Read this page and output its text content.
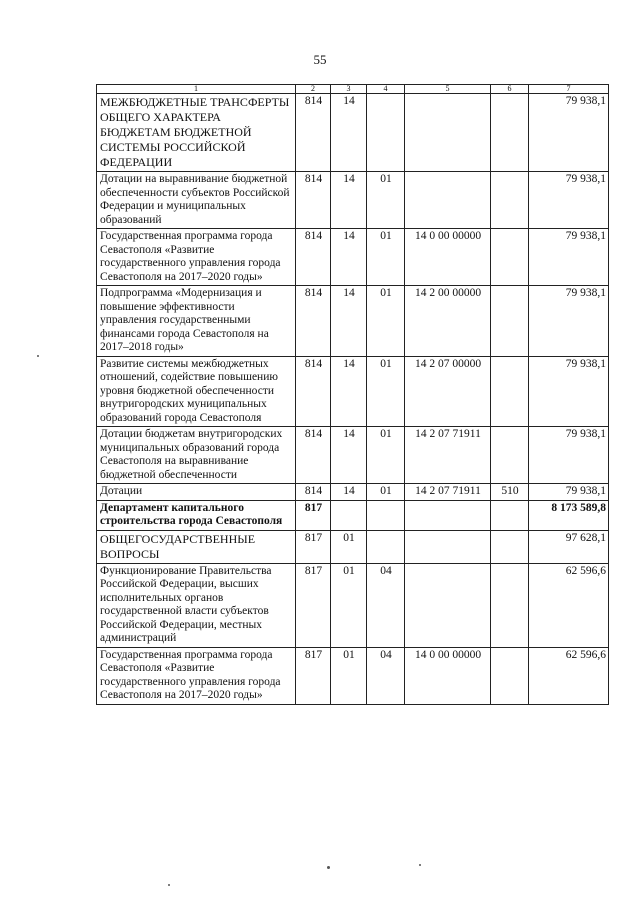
55
1	2	3	4	5	6	7
МЕЖБЮДЖЕТНЫЕ ТРАНСФЕРТЫ ОБЩЕГО ХАРАКТЕРА БЮДЖЕТАМ БЮДЖЕТНОЙ СИСТЕМЫ РОССИЙСКОЙ ФЕДЕРАЦИИ	814	14				79 938,1
Дотации на выравнивание бюджетной обеспеченности субъектов Российской Федерации и муниципальных образований	814	14	01			79 938,1
Государственная программа города Севастополя «Развитие государственного управления города Севастополя на 2017–2020 годы»	814	14	01	14 0 00 00000		79 938,1
Подпрограмма «Модернизация и повышение эффективности управления государственными финансами города Севастополя на 2017–2018 годы»	814	14	01	14 2 00 00000		79 938,1
Развитие системы межбюджетных отношений, содействие повышению уровня бюджетной обеспеченности внутригородских муниципальных образований города Севастополя	814	14	01	14 2 07 00000		79 938,1
Дотации бюджетам внутригородских муниципальных образований города Севастополя на выравнивание бюджетной обеспеченности	814	14	01	14 2 07 71911		79 938,1
Дотации	814	14	01	14 2 07 71911	510	79 938,1
Департамент капитального строительства города Севастополя	817					8 173 589,8
ОБЩЕГОСУДАРСТВЕННЫЕ ВОПРОСЫ	817	01				97 628,1
Функционирование Правительства Российской Федерации, высших исполнительных органов государственной власти субъектов Российской Федерации, местных администраций	817	01	04			62 596,6
Государственная программа города Севастополя «Развитие государственного управления города Севастополя на 2017–2020 годы»	817	01	04	14 0 00 00000		62 596,6
